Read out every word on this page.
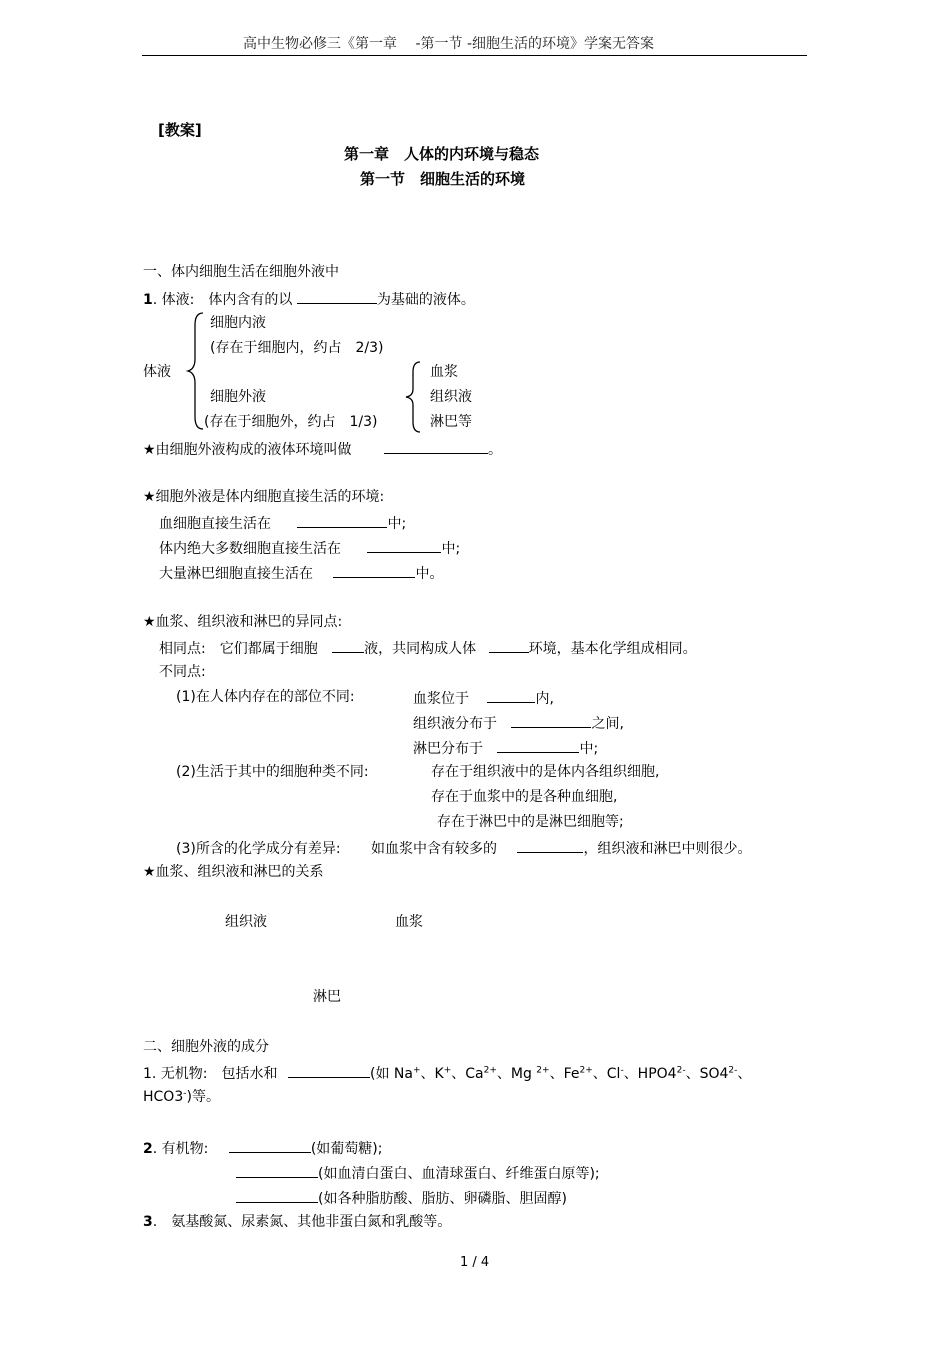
高中生物必修三《第一章　 -第一节 -细胞生活的环境》学案无答案
[教案]
第一章　人体的内环境与稳态
第一节　细胞生活的环境
一、体内细胞生活在细胞外液中
1. 体液:　体内含有的以	为基础的液体。
体液
细胞内液
(存在于细胞内，约占　2/3)
细胞外液
(存在于细胞外，约占　1/3)
血浆
组织液
淋巴等
★由细胞外液构成的液体环境叫做	。
★细胞外液是体内细胞直接生活的环境:
血细胞直接生活在	中;
体内绝大多数细胞直接生活在	中;
大量淋巴细胞直接生活在	中。
★血浆、组织液和淋巴的异同点:
相同点:　它们都属于细胞	液，共同构成人体	环境，基本化学组成相同。
不同点:
(1)在人体内存在的部位不同:	血浆位于	内,
组织液分布于	之间,
淋巴分布于	中;
(2)生活于其中的细胞种类不同:	存在于组织液中的是体内各组织细胞,
存在于血浆中的是各种血细胞,
存在于淋巴中的是淋巴细胞等;
(3)所含的化学成分有差异: 如血浆中含有较多的	，组织液和淋巴中则很少。
★血浆、组织液和淋巴的关系
组织液	血浆
淋巴
二、细胞外液的成分
1. 无机物:　包括水和	(如 Na+、K+、$Ca^{2+}$、Mg $^{2+}$、$Fe^{2+}$、Cl-、$HPO4^{2-}$、$SO4^{2-}$、
HCO3-)等。
2. 有机物:	(如葡萄糖);
(如血清白蛋白、血清球蛋白、纤维蛋白原等);
(如各种脂肪酸、脂肪、卵磷脂、胆固醇)
3.　氨基酸氮、尿素氮、其他非蛋白氮和乳酸等。
1 / 4
